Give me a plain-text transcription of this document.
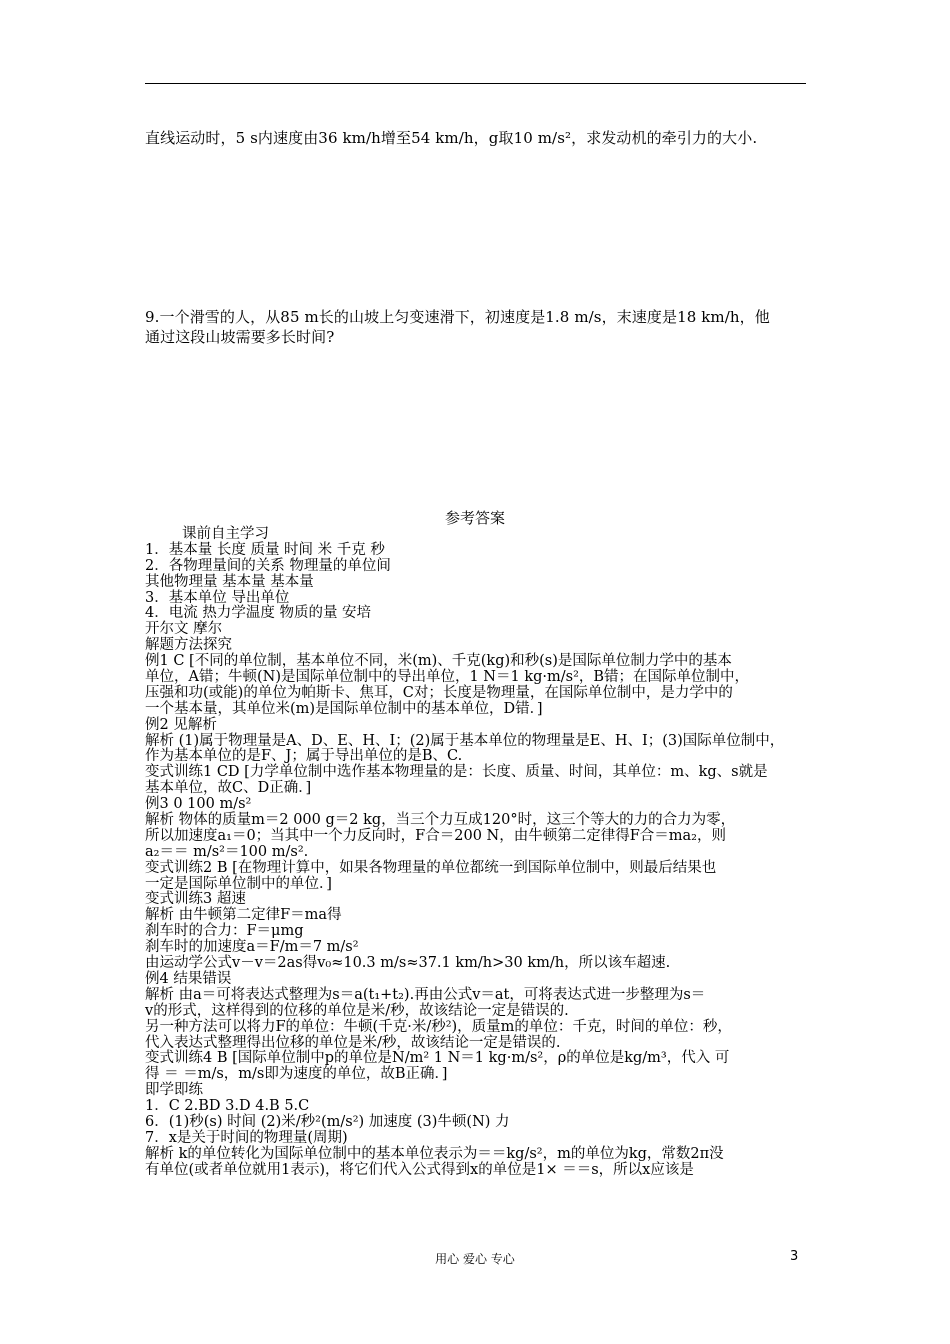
直线运动时，5 s内速度由36 km/h增至54 km/h，g取10 m/s²，求发动机的牵引力的大小.
9.一个滑雪的人，从85 m长的山坡上匀变速滑下，初速度是1.8 m/s，末速度是18 km/h，他
通过这段山坡需要多长时间?
参考答案
课前自主学习
1．基本量 长度 质量 时间 米 千克 秒
2．各物理量间的关系 物理量的单位间
其他物理量 基本量 基本量
3．基本单位 导出单位
4．电流 热力学温度 物质的量 安培
开尔文 摩尔
解题方法探究
例1 C [不同的单位制，基本单位不同，米(m)、千克(kg)和秒(s)是国际单位制力学中的基本
单位，A错；牛顿(N)是国际单位制中的导出单位，1 N＝1 kg·m/s²，B错；在国际单位制中，
压强和功(或能)的单位为帕斯卡、焦耳，C对；长度是物理量，在国际单位制中，是力学中的
一个基本量，其单位米(m)是国际单位制中的基本单位，D错．]
例2 见解析
解析 (1)属于物理量是A、D、E、H、I；(2)属于基本单位的物理量是E、H、I；(3)国际单位制中，
作为基本单位的是F、J；属于导出单位的是B、C.
变式训练1 CD [力学单位制中选作基本物理量的是：长度、质量、时间，其单位：m、kg、s就是
基本单位，故C、D正确．]
例3 0 100 m/s²
解析 物体的质量m＝2 000 g＝2 kg，当三个力互成120°时，这三个等大的力的合力为零，
所以加速度a₁＝0；当其中一个力反向时，F合＝200 N，由牛顿第二定律得F合＝ma₂，则
a₂＝＝ m/s²＝100 m/s².
变式训练2 B [在物理计算中，如果各物理量的单位都统一到国际单位制中，则最后结果也
一定是国际单位制中的单位．]
变式训练3 超速
解析 由牛顿第二定律F＝ma得
刹车时的合力：F＝μmg
刹车时的加速度a＝F/m＝7 m/s²
由运动学公式v－v＝2as得v₀≈10.3 m/s≈37.1 km/h>30 km/h，所以该车超速.
例4 结果错误
解析 由a＝可将表达式整理为s＝a(t₁+t₂).再由公式v＝at，可将表达式进一步整理为s＝
v的形式，这样得到的位移的单位是米/秒，故该结论一定是错误的.
另一种方法可以将力F的单位：牛顿(千克·米/秒²)，质量m的单位：千克，时间的单位：秒，
代入表达式整理得出位移的单位是米/秒，故该结论一定是错误的.
变式训练4 B [国际单位制中p的单位是N/m² 1 N＝1 kg·m/s²，ρ的单位是kg/m³，代入 可
得 ＝ ＝m/s，m/s即为速度的单位，故B正确．]
即学即练
1．C 2.BD 3.D 4.B 5.C
6．(1)秒(s) 时间 (2)米/秒²(m/s²) 加速度 (3)牛顿(N) 力
7．x是关于时间的物理量(周期)
解析 k的单位转化为国际单位制中的基本单位表示为＝＝kg/s²，m的单位为kg，常数2π没
有单位(或者单位就用1表示)，将它们代入公式得到x的单位是1× ＝＝s，所以x应该是
用心 爱心 专心	3
